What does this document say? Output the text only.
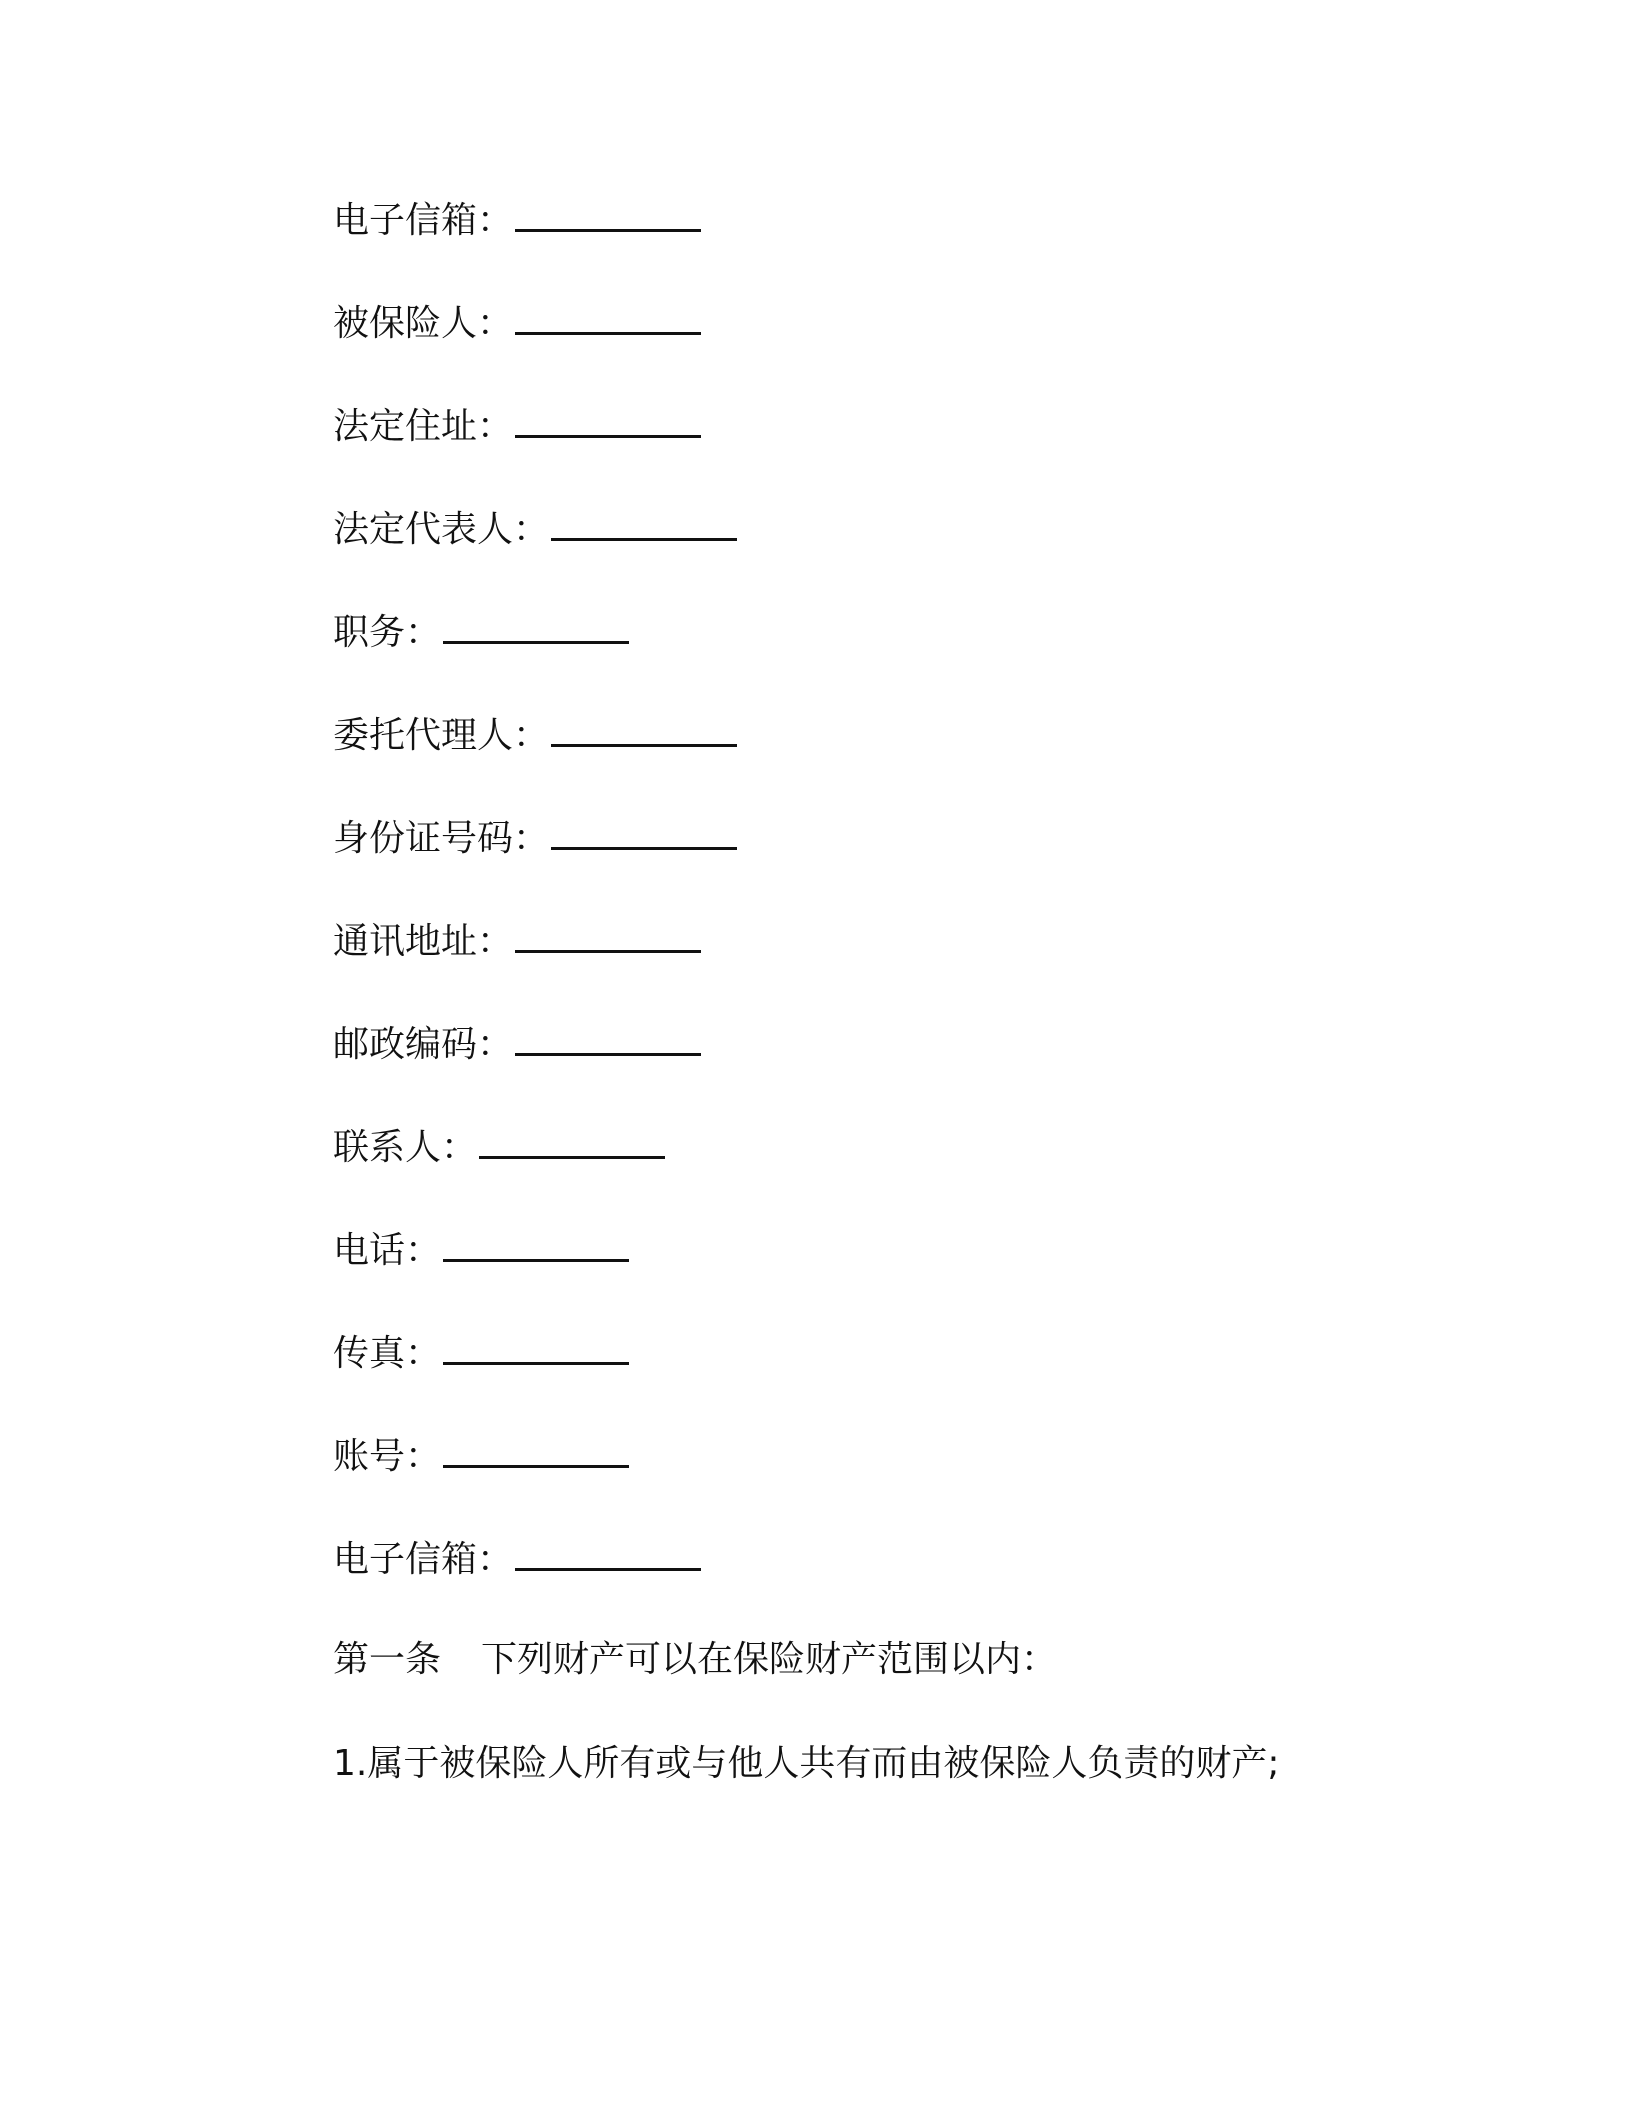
电子信箱：
被保险人：
法定住址：
法定代表人：
职务：
委托代理人：
身份证号码：
通讯地址：
邮政编码：
联系人：
电话：
传真：
账号：
电子信箱：
第一条 下列财产可以在保险财产范围以内：
1.属于被保险人所有或与他人共有而由被保险人负责的财产;
